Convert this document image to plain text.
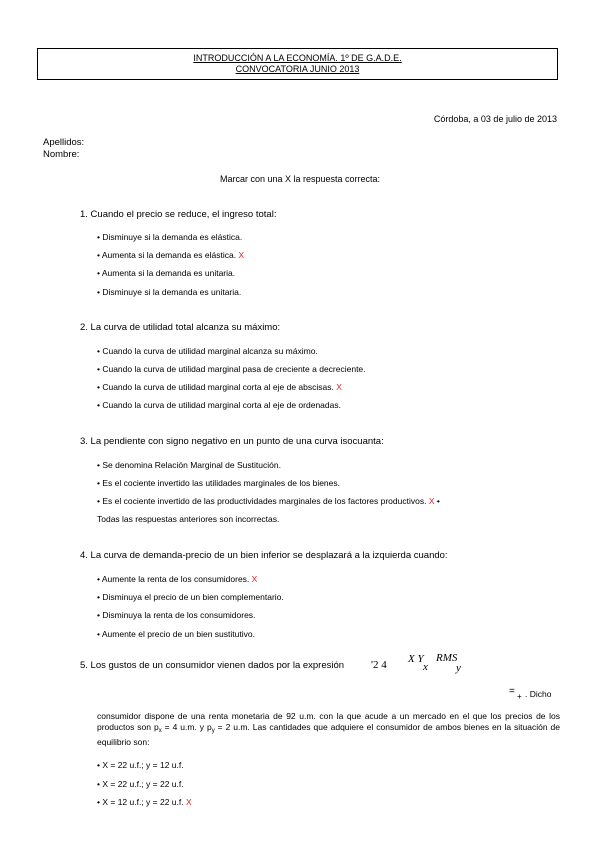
INTRODUCCIÓN A LA ECONOMÍA. 1º DE G.A.D.E.
CONVOCATORIA JUNIO 2013
Córdoba, a 03 de julio de 2013
Apellidos:
Nombre:
Marcar con una X la respuesta correcta:
1. Cuando el precio se reduce, el ingreso total:
• Disminuye si la demanda es elástica.
• Aumenta si la demanda es elástica. X
• Aumenta si la demanda es unitaria.
• Disminuye si la demanda es unitaria.
2. La curva de utilidad total alcanza su máximo:
• Cuando la curva de utilidad marginal alcanza su máximo.
• Cuando la curva de utilidad marginal pasa de creciente a decreciente.
• Cuando la curva de utilidad marginal corta al eje de abscisas. X
• Cuando la curva de utilidad marginal corta al eje de ordenadas.
3. La pendiente con signo negativo en un punto de una curva isocuanta:
• Se denomina Relación Marginal de Sustitución.
• Es el cociente invertido las utilidades marginales de los bienes.
• Es el cociente invertido de las productividades marginales de los factores productivos. X •
Todas las respuestas anteriores son incorrectas.
4. La curva de demanda-precio de un bien inferior se desplazará a la izquierda cuando:
• Aumente la renta de los consumidores. X
• Disminuya el precio de un bien complementario.
• Disminuya la renta de los consumidores.
• Aumente el precio de un bien sustitutivo.
5. Los gustos de un consumidor vienen dados por la expresión '2 4 X Y
x
RMS
y
= + . Dicho
consumidor dispone de una renta monetaria de 92 u.m. con la que acude a un mercado en el que los precios de los productos son $p_x = 4$ u.m. y $p_y = 2$ u.m. Las cantidades que adquiere el consumidor de ambos bienes en la situación de equilibrio son:
• X = 22 u.f.; y = 12 u.f.
• X = 22 u.f.; y = 22 u.f.
• X = 12 u.f.; y = 22 u.f. X
